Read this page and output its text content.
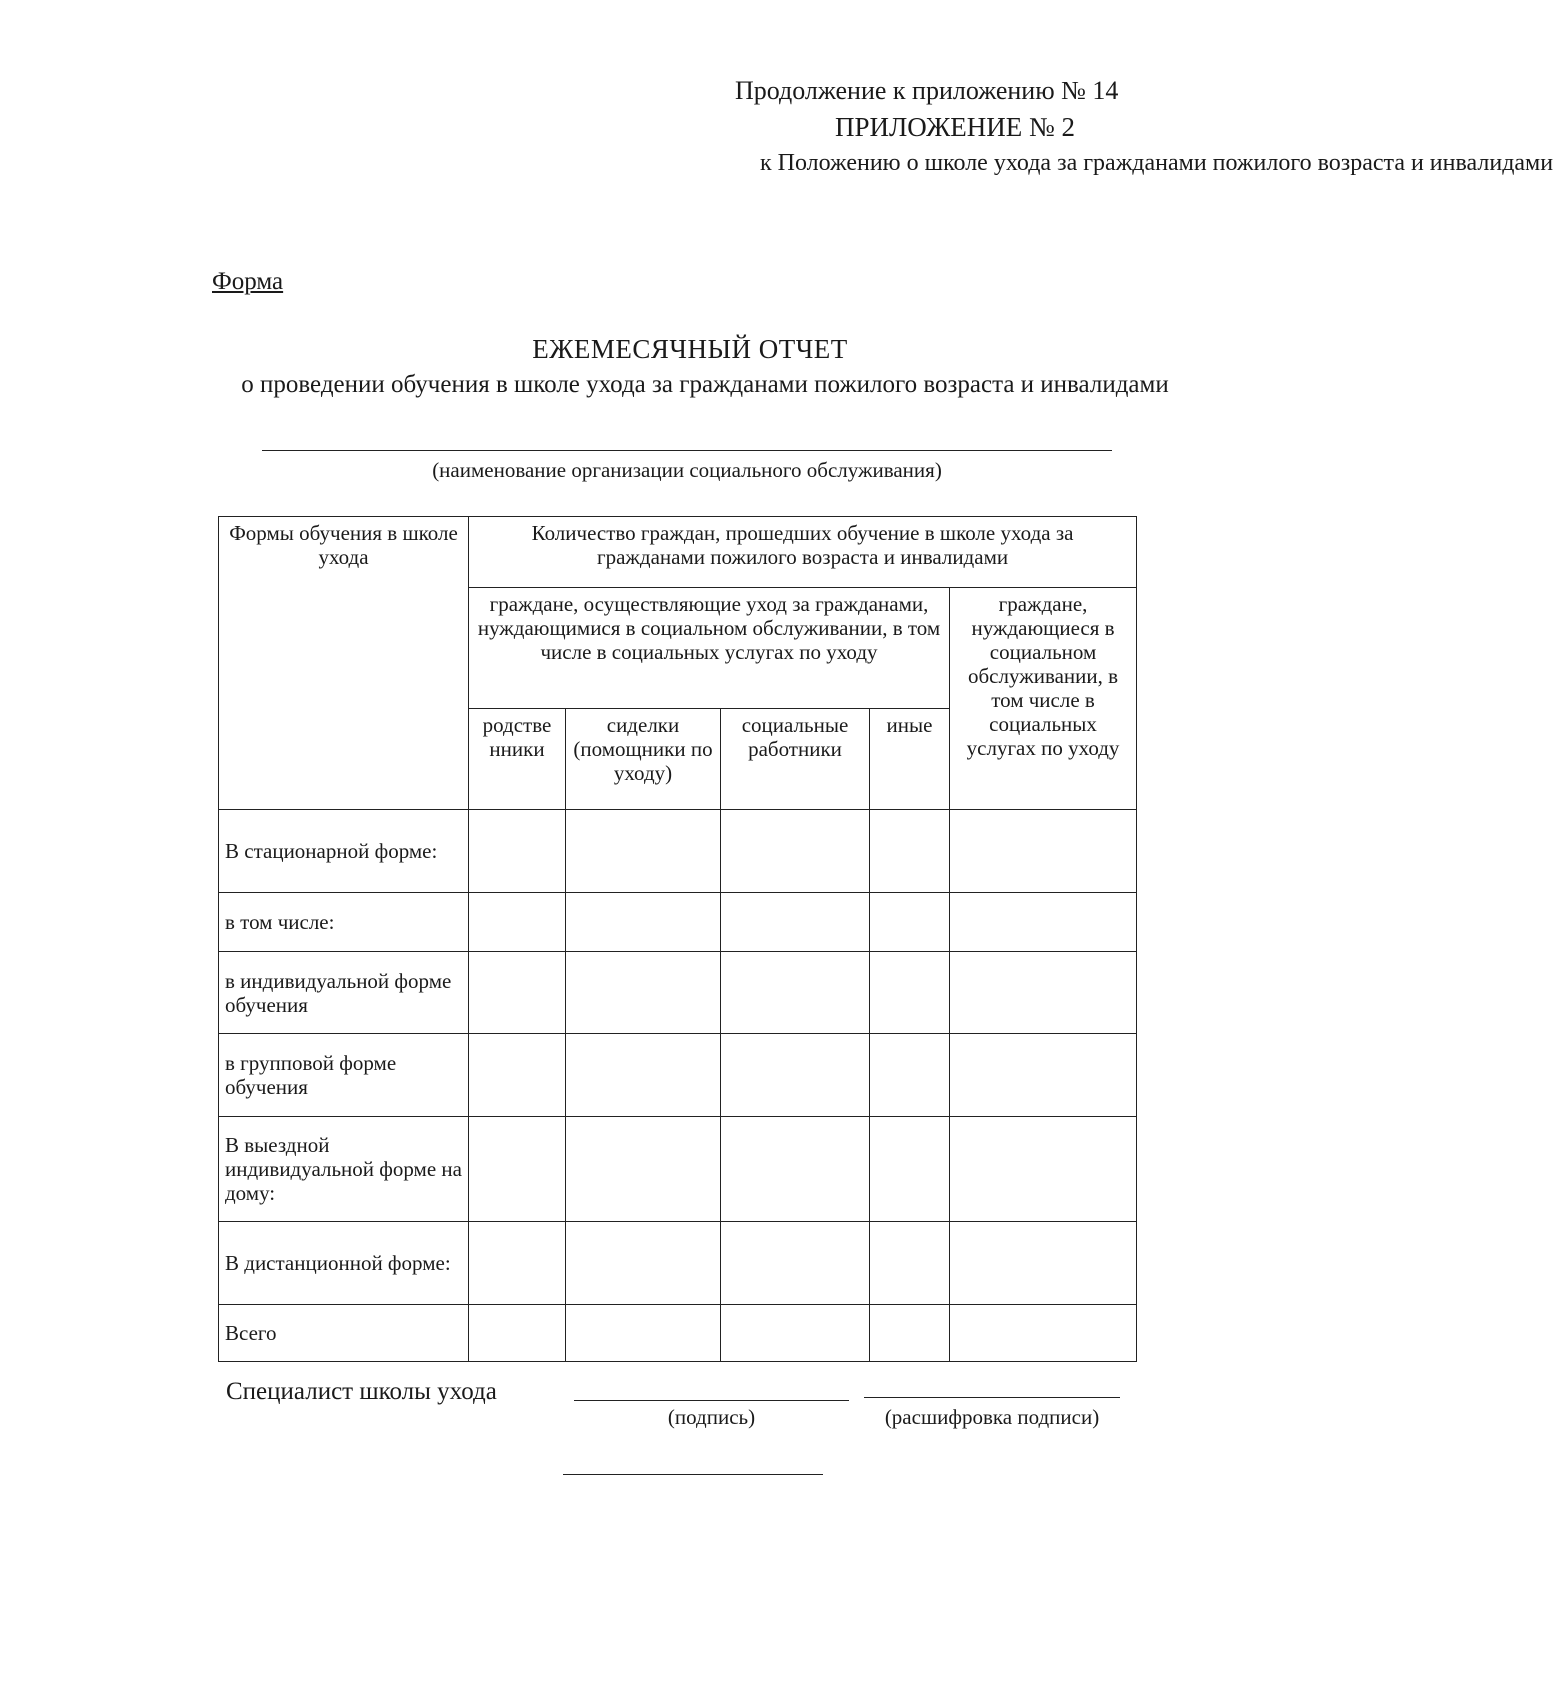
Продолжение к приложению № 14
ПРИЛОЖЕНИЕ № 2
к Положению о школе ухода за гражданами пожилого возраста и инвалидами
Форма
ЕЖЕМЕСЯЧНЫЙ ОТЧЕТ
о проведении обучения в школе ухода за гражданами пожилого возраста и инвалидами
(наименование организации социального обслуживания)
Формы обучения в школе ухода	Количество граждан, прошедших обучение в школе ухода за гражданами пожилого возраста и инвалидами				
	граждане, осуществляющие уход за гражданами, нуждающимися в социальном обслуживании, в том числе в социальных услугах по уходу				граждане, нуждающиеся в социальном обслуживании, в том числе в социальных услугах по уходу
	родстве нники	сиделки (помощники по уходу)	социальные работники	иные	
В стационарной форме:					
в том числе:					
в индивидуальной форме обучения					
в групповой форме обучения					
В выездной индивидуальной форме на дому:					
В дистанционной форме:					
Всего					
Специалист школы ухода
(подпись)	(расшифровка подписи)
